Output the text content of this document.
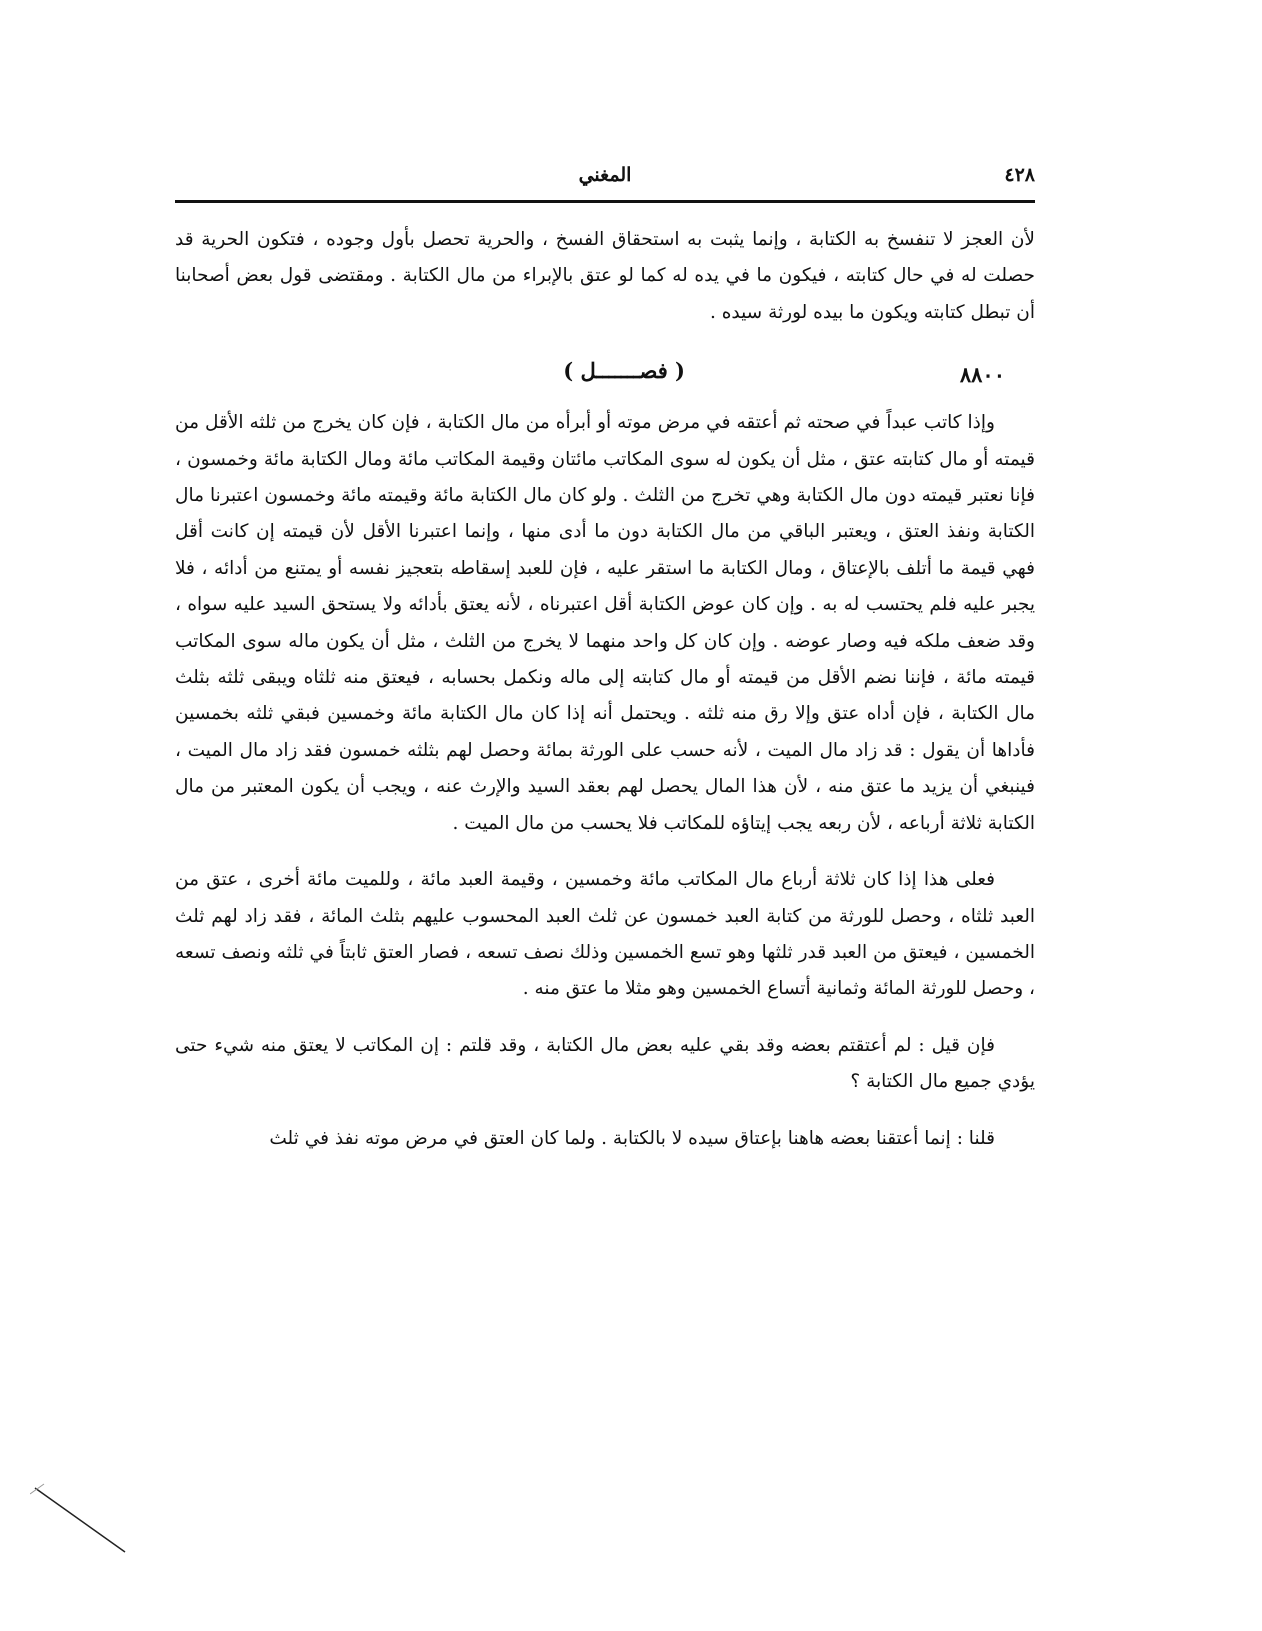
٤٢٨
المغني

لأن العجز لا تنفسخ به الكتابة ، وإنما يثبت به استحقاق الفسخ ، والحرية تحصل بأول وجوده ، فتكون الحرية قد حصلت له في حال كتابته ، فيكون ما في يده له كما لو عتق بالإبراء من مال الكتابة . ومقتضى قول بعض أصحابنا أن تبطل كتابته ويكون ما بيده لورثة سيده .

٨٨٠٠
( فصـــــــل )

وإذا كاتب عبداً في صحته ثم أعتقه في مرض موته أو أبرأه من مال الكتابة ، فإن كان يخرج من ثلثه الأقل من قيمته أو مال كتابته عتق ، مثل أن يكون له سوى المكاتب مائتان وقيمة المكاتب مائة ومال الكتابة مائة وخمسون ، فإنا نعتبر قيمته دون مال الكتابة وهي تخرج من الثلث . ولو كان مال الكتابة مائة وقيمته مائة وخمسون اعتبرنا مال الكتابة ونفذ العتق ، ويعتبر الباقي من مال الكتابة دون ما أدى منها ، وإنما اعتبرنا الأقل لأن قيمته إن كانت أقل فهي قيمة ما أتلف بالإعتاق ، ومال الكتابة ما استقر عليه ، فإن للعبد إسقاطه بتعجيز نفسه أو يمتنع من أدائه ، فلا يجبر عليه فلم يحتسب له به . وإن كان عوض الكتابة أقل اعتبرناه ، لأنه يعتق بأدائه ولا يستحق السيد عليه سواه ، وقد ضعف ملكه فيه وصار عوضه . وإن كان كل واحد منهما لا يخرج من الثلث ، مثل أن يكون ماله سوى المكاتب قيمته مائة ، فإننا نضم الأقل من قيمته أو مال كتابته إلى ماله ونكمل بحسابه ، فيعتق منه ثلثاه ويبقى ثلثه بثلث مال الكتابة ، فإن أداه عتق وإلا رق منه ثلثه . ويحتمل أنه إذا كان مال الكتابة مائة وخمسين فبقي ثلثه بخمسين فأداها أن يقول : قد زاد مال الميت ، لأنه حسب على الورثة بمائة وحصل لهم بثلثه خمسون فقد زاد مال الميت ، فينبغي أن يزيد ما عتق منه ، لأن هذا المال يحصل لهم بعقد السيد والإرث عنه ، ويجب أن يكون المعتبر من مال الكتابة ثلاثة أرباعه ، لأن ربعه يجب إيتاؤه للمكاتب فلا يحسب من مال الميت .

فعلى هذا إذا كان ثلاثة أرباع مال المكاتب مائة وخمسين ، وقيمة العبد مائة ، وللميت مائة أخرى ، عتق من العبد ثلثاه ، وحصل للورثة من كتابة العبد خمسون عن ثلث العبد المحسوب عليهم بثلث المائة ، فقد زاد لهم ثلث الخمسين ، فيعتق من العبد قدر ثلثها وهو تسع الخمسين وذلك نصف تسعه ، فصار العتق ثابتاً في ثلثه ونصف تسعه ، وحصل للورثة المائة وثمانية أتساع الخمسين وهو مثلا ما عتق منه .

فإن قيل : لم أعتقتم بعضه وقد بقي عليه بعض مال الكتابة ، وقد قلتم : إن المكاتب لا يعتق منه شيء حتى يؤدي جميع مال الكتابة ؟

قلنا : إنما أعتقنا بعضه هاهنا بإعتاق سيده لا بالكتابة . ولما كان العتق في مرض موته نفذ في ثلث
